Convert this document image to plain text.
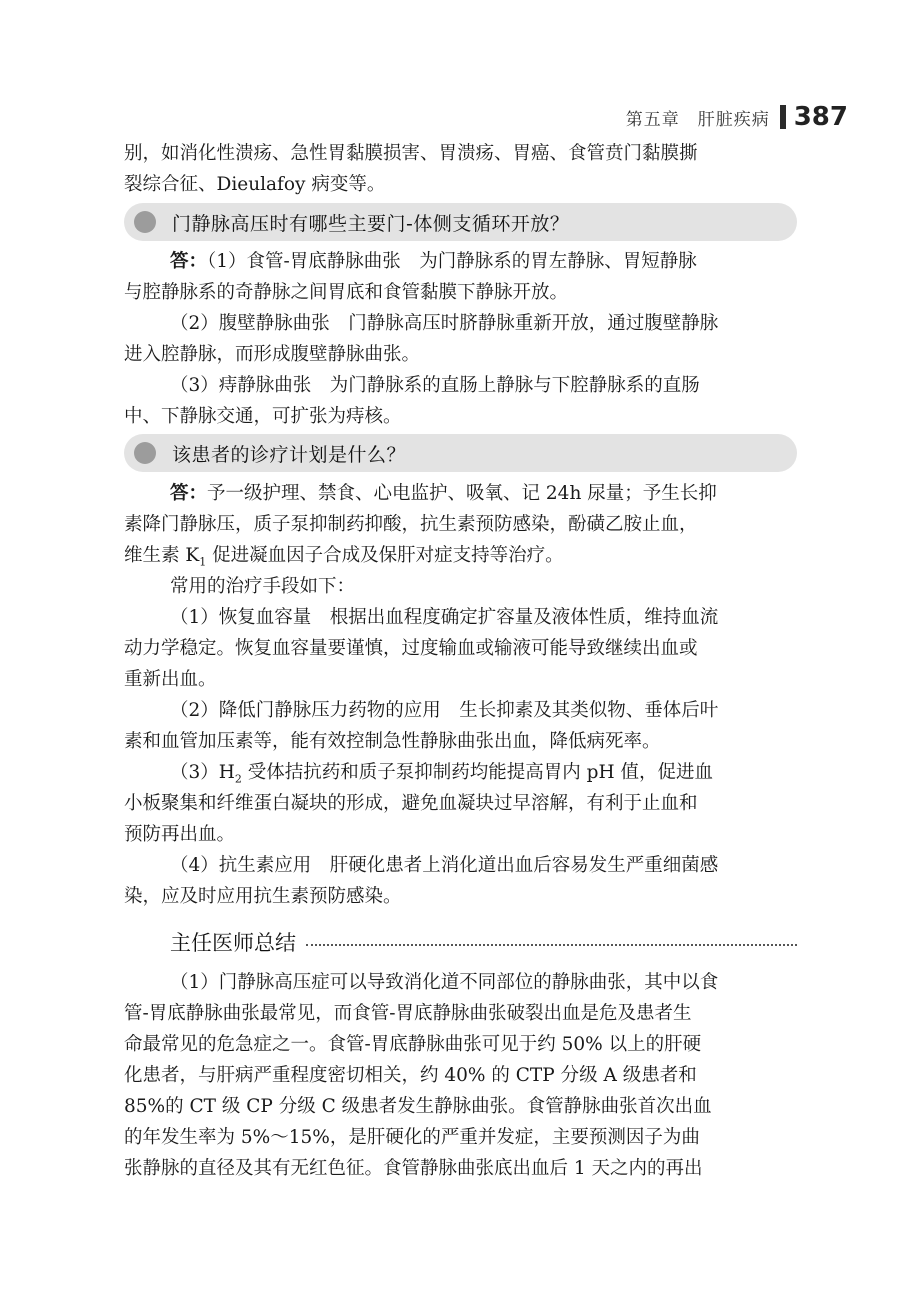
第五章　肝脏疾病 387

别，如消化性溃疡、急性胃黏膜损害、胃溃疡、胃癌、食管贲门黏膜撕
裂综合征、Dieulafoy 病变等。

门静脉高压时有哪些主要门-体侧支循环开放？

答：（1）食管-胃底静脉曲张　为门静脉系的胃左静脉、胃短静脉
与腔静脉系的奇静脉之间胃底和食管黏膜下静脉开放。

（2）腹壁静脉曲张　门静脉高压时脐静脉重新开放，通过腹壁静脉
进入腔静脉，而形成腹壁静脉曲张。

（3）痔静脉曲张　为门静脉系的直肠上静脉与下腔静脉系的直肠
中、下静脉交通，可扩张为痔核。

该患者的诊疗计划是什么？

答：予一级护理、禁食、心电监护、吸氧、记 24h 尿量；予生长抑
素降门静脉压，质子泵抑制药抑酸，抗生素预防感染，酚磺乙胺止血，
维生素 $K_1$ 促进凝血因子合成及保肝对症支持等治疗。

常用的治疗手段如下：

（1）恢复血容量　根据出血程度确定扩容量及液体性质，维持血流
动力学稳定。恢复血容量要谨慎，过度输血或输液可能导致继续出血或
重新出血。

（2）降低门静脉压力药物的应用　生长抑素及其类似物、垂体后叶
素和血管加压素等，能有效控制急性静脉曲张出血，降低病死率。

$(3)H_2$ 受体拮抗药和质子泵抑制药均能提高胃内 pH 值，促进血
小板聚集和纤维蛋白凝块的形成，避免血凝块过早溶解，有利于止血和
预防再出血。

（4）抗生素应用　肝硬化患者上消化道出血后容易发生严重细菌感
染，应及时应用抗生素预防感染。

主任医师总结

（1）门静脉高压症可以导致消化道不同部位的静脉曲张，其中以食
管-胃底静脉曲张最常见，而食管-胃底静脉曲张破裂出血是危及患者生
命最常见的危急症之一。食管-胃底静脉曲张可见于约 50% 以上的肝硬
化患者，与肝病严重程度密切相关，约 40% 的 CTP 分级 A 级患者和
85%的 CT 级 CP 分级 C 级患者发生静脉曲张。食管静脉曲张首次出血
的年发生率为 5%～15%，是肝硬化的严重并发症，主要预测因子为曲
张静脉的直径及其有无红色征。食管静脉曲张底出血后 1 天之内的再出
